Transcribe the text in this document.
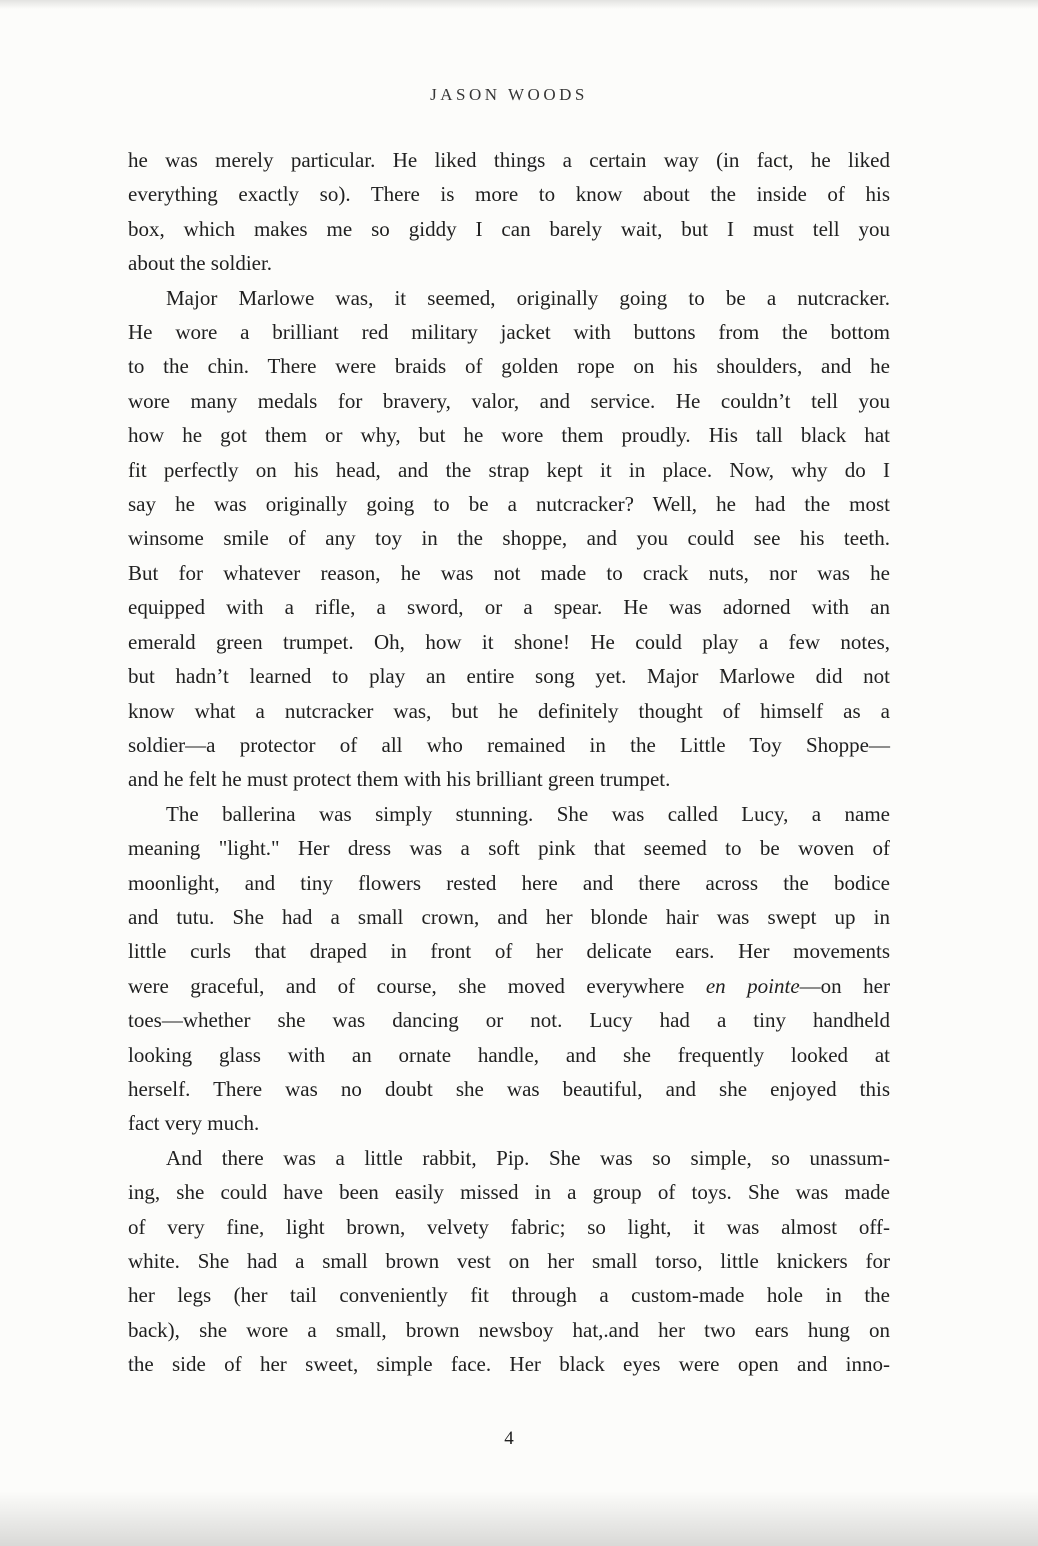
JASON WOODS
he was merely particular. He liked things a certain way (in fact, he liked
everything exactly so). There is more to know about the inside of his
box, which makes me so giddy I can barely wait, but I must tell you
about the soldier.
Major Marlowe was, it seemed, originally going to be a nutcracker.
He wore a brilliant red military jacket with buttons from the bottom
to the chin. There were braids of golden rope on his shoulders, and he
wore many medals for bravery, valor, and service. He couldn’t tell you
how he got them or why, but he wore them proudly. His tall black hat
fit perfectly on his head, and the strap kept it in place. Now, why do I
say he was originally going to be a nutcracker? Well, he had the most
winsome smile of any toy in the shoppe, and you could see his teeth.
But for whatever reason, he was not made to crack nuts, nor was he
equipped with a rifle, a sword, or a spear. He was adorned with an
emerald green trumpet. Oh, how it shone! He could play a few notes,
but hadn’t learned to play an entire song yet. Major Marlowe did not
know what a nutcracker was, but he definitely thought of himself as a
soldier—a protector of all who remained in the Little Toy Shoppe—
and he felt he must protect them with his brilliant green trumpet.
The ballerina was simply stunning. She was called Lucy, a name
meaning "light." Her dress was a soft pink that seemed to be woven of
moonlight, and tiny flowers rested here and there across the bodice
and tutu. She had a small crown, and her blonde hair was swept up in
little curls that draped in front of her delicate ears. Her movements
were graceful, and of course, she moved everywhere en pointe—on her
toes—whether she was dancing or not. Lucy had a tiny handheld
looking glass with an ornate handle, and she frequently looked at
herself. There was no doubt she was beautiful, and she enjoyed this
fact very much.
And there was a little rabbit, Pip. She was so simple, so unassum-
ing, she could have been easily missed in a group of toys. She was made
of very fine, light brown, velvety fabric; so light, it was almost off-
white. She had a small brown vest on her small torso, little knickers for
her legs (her tail conveniently fit through a custom-made hole in the
back), she wore a small, brown newsboy hat,.and her two ears hung on
the side of her sweet, simple face. Her black eyes were open and inno-
4
